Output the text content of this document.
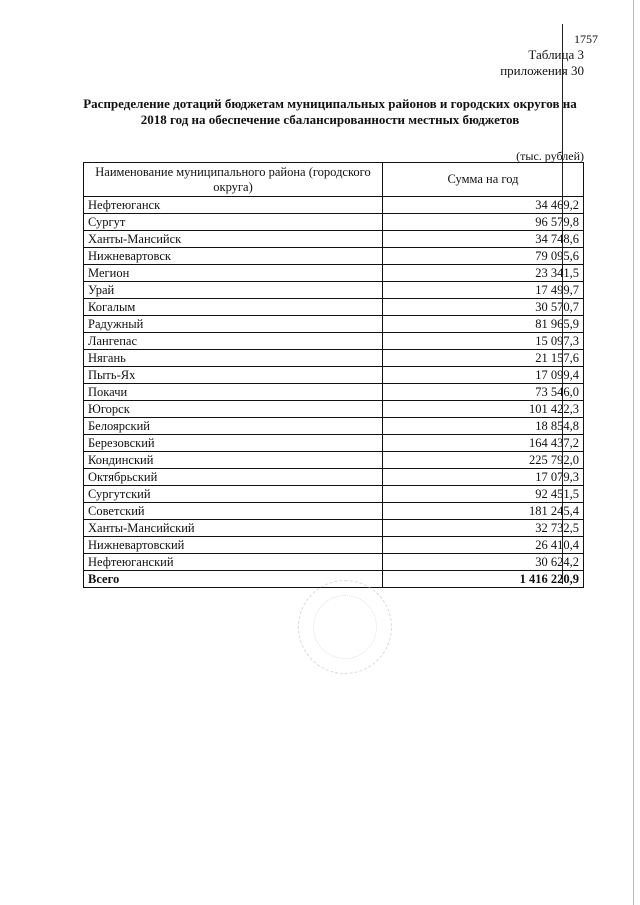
1757
Таблица 3
приложения 30
Распределение дотаций бюджетам муниципальных районов и городских округов на 2018 год на обеспечение сбалансированности местных бюджетов
(тыс. рублей)
Наименование муниципального района (городского округа)	Сумма на год
Нефтеюганск	34 469,2
Сургут	96 579,8
Ханты-Мансийск	34 748,6
Нижневартовск	79 095,6
Мегион	23 341,5
Урай	17 499,7
Когалым	30 570,7
Радужный	81 965,9
Лангепас	15 097,3
Нягань	21 157,6
Пыть-Ях	17 099,4
Покачи	73 546,0
Югорск	101 422,3
Белоярский	18 854,8
Березовский	164 437,2
Кондинский	225 792,0
Октябрьский	17 079,3
Сургутский	92 451,5
Советский	181 245,4
Ханты-Мансийский	32 732,5
Нижневартовский	26 410,4
Нефтеюганский	30 624,2
Всего	1 416 220,9
